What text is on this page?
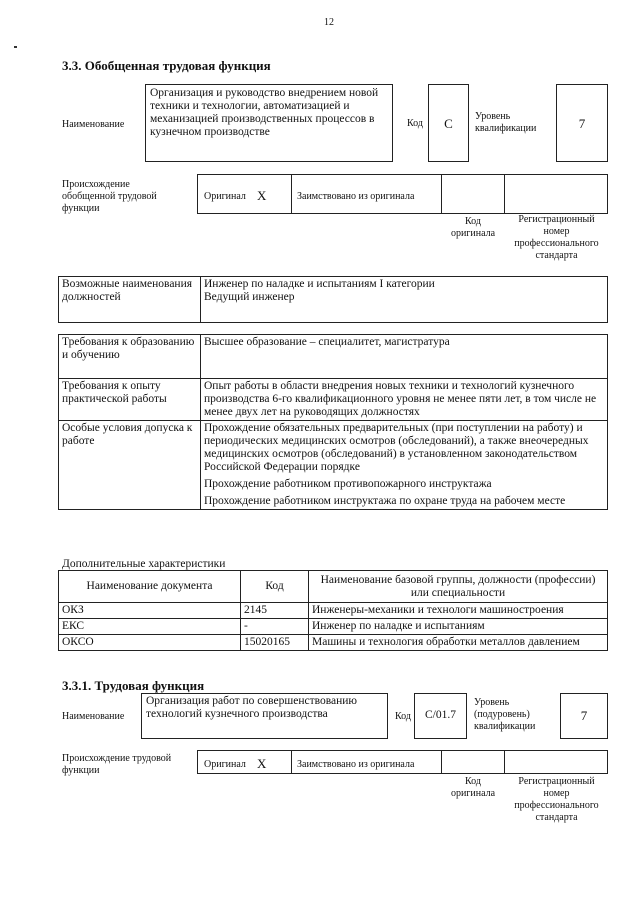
12
3.3. Обобщенная трудовая функция
Наименование
Организация и руководство внедрением новой техники и технологии, автоматизацией и механизацией производственных процессов в кузнечном производстве
Код	C	Уровень квалификации	7
Происхождение обобщенной трудовой функции
Оригинал X	Заимствовано из оригинала
Код оригинала
Регистрационный номер профессионального стандарта
Возможные наименования должностей	
Инженер по наладке и испытаниям I категории
Ведущий инженер
Требования к образованию и обучению	Высшее образование – специалитет, магистратура

Требования к опыту практической работы	Опыт работы в области внедрения новых техники и технологий кузнечного производства 6-го квалификационного уровня не менее пяти лет, в том числе не менее двух лет на руководящих должностях

Особые условия допуска к работе	Прохождение обязательных предварительных (при поступлении на работу) и периодических медицинских осмотров (обследований), а также внеочередных медицинских осмотров (обследований) в установленном законодательством Российской Федерации порядке

Прохождение работником противопожарного инструктажа

Прохождение работником инструктажа по охране труда на рабочем месте

Дополнительные характеристики
Наименование документа	Код	Наименование базовой группы, должности (профессии) или специальности
ОКЗ	2145	Инженеры-механики и технологи машиностроения
ЕКС	-	Инженер по наладке и испытаниям
ОКСО	15020165	Машины и технология обработки металлов давлением
3.3.1. Трудовая функция
Наименование
Организация работ по совершенствованию технологий кузнечного производства	Код	C/01.7
Уровень (подуровень) квалификации
7
Происхождение трудовой функции
Оригинал X	Заимствовано из оригинала
Код оригинала
Регистрационный номер профессионального стандарта
